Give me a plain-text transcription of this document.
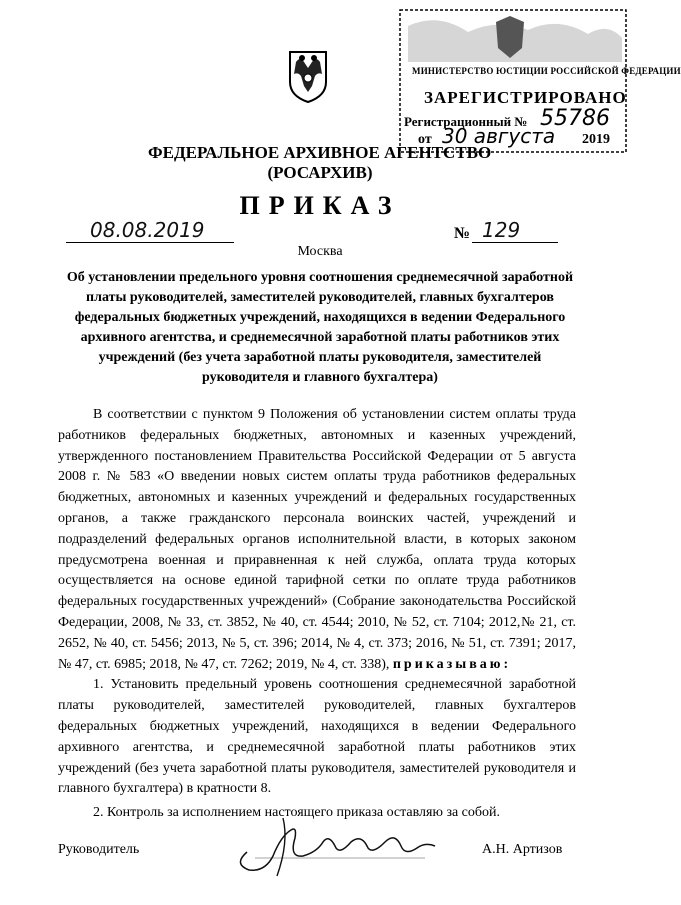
МИНИСТЕРСТВО ЮСТИЦИИ РОССИЙСКОЙ ФЕДЕРАЦИИ
ЗАРЕГИСТРИРОВАНО
Регистрационный № 55786
от 30 августа 2019
ФЕДЕРАЛЬНОЕ АРХИВНОЕ АГЕНТСТВО
(РОСАРХИВ)
ПРИКАЗ
08.08.2019	№ 129
Москва
Об установлении предельного уровня соотношения среднемесячной заработной платы руководителей, заместителей руководителей, главных бухгалтеров федеральных бюджетных учреждений, находящихся в ведении Федерального архивного агентства, и среднемесячной заработной платы работников этих учреждений (без учета заработной платы руководителя, заместителей руководителя и главного бухгалтера)

В соответствии с пунктом 9 Положения об установлении систем оплаты труда работников федеральных бюджетных, автономных и казенных учреждений, утвержденного постановлением Правительства Российской Федерации от 5 августа 2008 г. № 583 «О введении новых систем оплаты труда работников федеральных бюджетных, автономных и казенных учреждений и федеральных государственных органов, а также гражданского персонала воинских частей, учреждений и подразделений федеральных органов исполнительной власти, в которых законом предусмотрена военная и приравненная к ней служба, оплата труда которых осуществляется на основе единой тарифной сетки по оплате труда работников федеральных государственных учреждений» (Собрание законодательства Российской Федерации, 2008, № 33, ст. 3852, № 40, ст. 4544; 2010, № 52, ст. 7104; 2012,№ 21, ст. 2652, № 40, ст. 5456; 2013, № 5, ст. 396; 2014, № 4, ст. 373; 2016, № 51, ст. 7391; 2017, № 47, ст. 6985; 2018, № 47, ст. 7262; 2019, № 4, ст. 338), приказываю:

1. Установить предельный уровень соотношения среднемесячной заработной платы руководителей, заместителей руководителей, главных бухгалтеров федеральных бюджетных учреждений, находящихся в ведении Федерального архивного агентства, и среднемесячной заработной платы работников этих учреждений (без учета заработной платы руководителя, заместителей руководителя и главного бухгалтера) в кратности 8.

2. Контроль за исполнением настоящего приказа оставляю за собой.

Руководитель	А.Н. Артизов
